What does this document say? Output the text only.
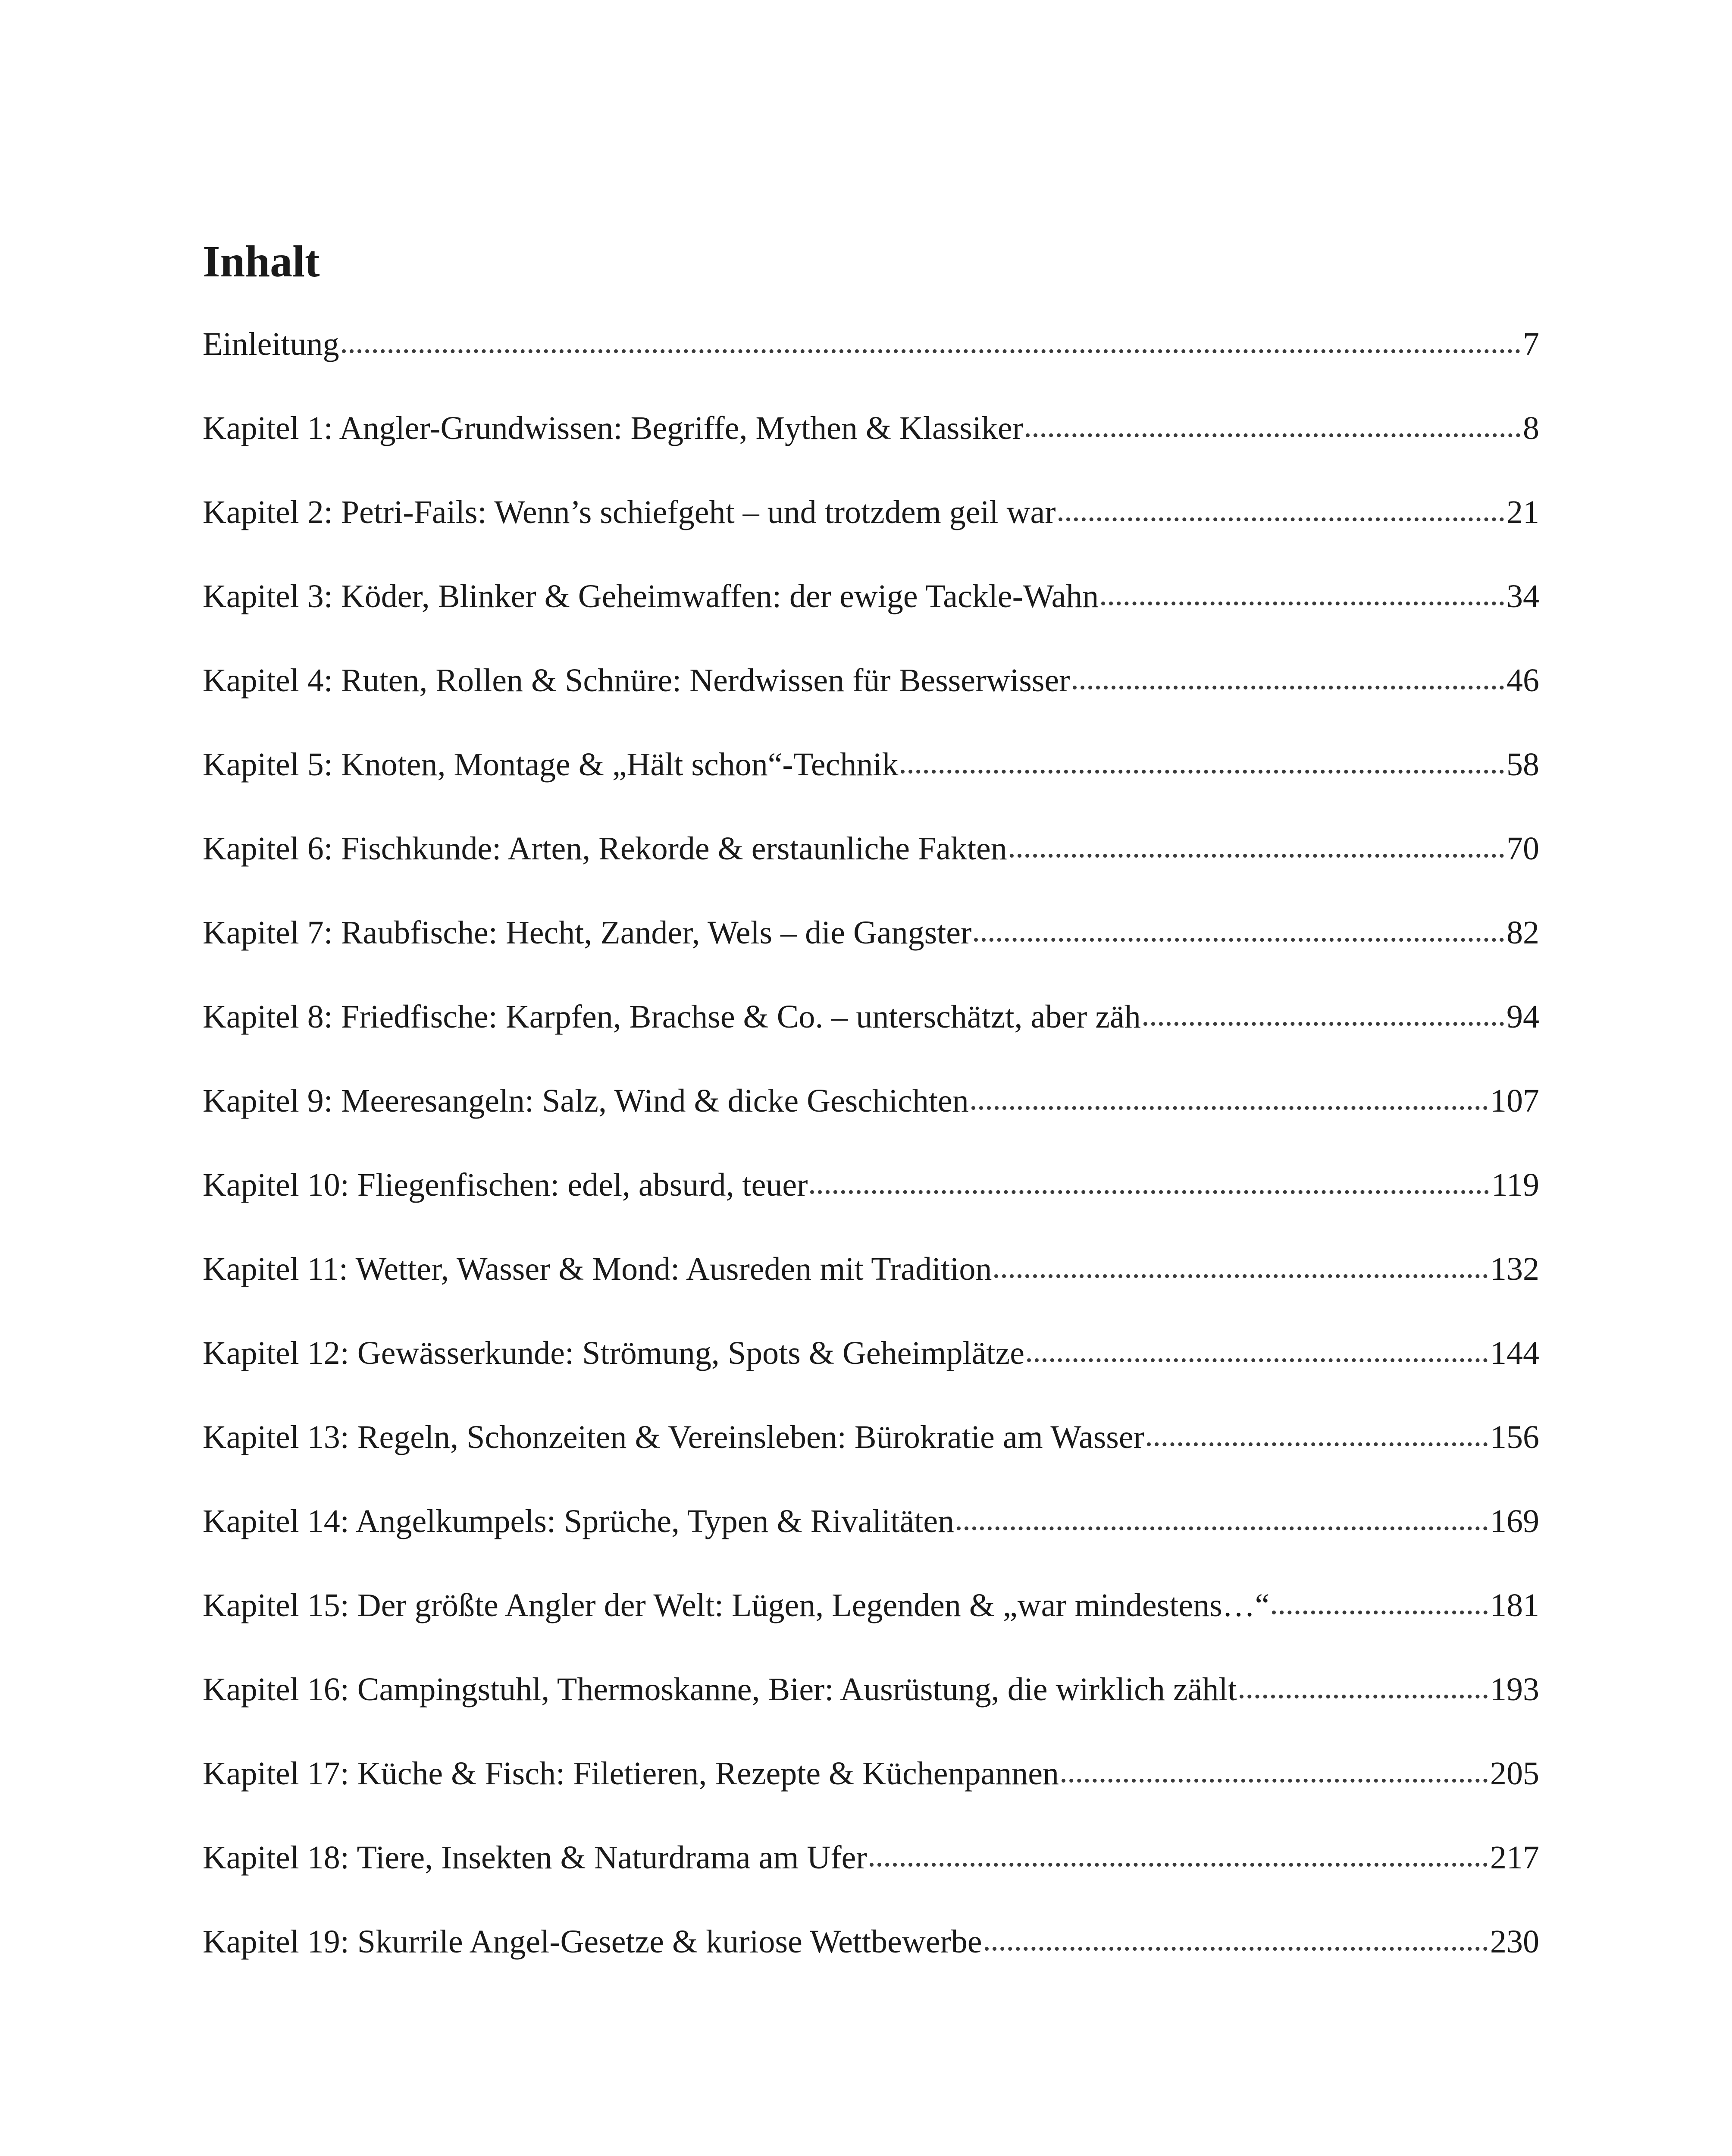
Inhalt
Einleitung	7
Kapitel 1: Angler-Grundwissen: Begriffe, Mythen & Klassiker	8
Kapitel 2: Petri-Fails: Wenn’s schiefgeht – und trotzdem geil war	21
Kapitel 3: Köder, Blinker & Geheimwaffen: der ewige Tackle-Wahn	34
Kapitel 4: Ruten, Rollen & Schnüre: Nerdwissen für Besserwisser	46
Kapitel 5: Knoten, Montage & „Hält schon“-Technik	58
Kapitel 6: Fischkunde: Arten, Rekorde & erstaunliche Fakten	70
Kapitel 7: Raubfische: Hecht, Zander, Wels – die Gangster	82
Kapitel 8: Friedfische: Karpfen, Brachse & Co. – unterschätzt, aber zäh	94
Kapitel 9: Meeresangeln: Salz, Wind & dicke Geschichten	107
Kapitel 10: Fliegenfischen: edel, absurd, teuer	119
Kapitel 11: Wetter, Wasser & Mond: Ausreden mit Tradition	132
Kapitel 12: Gewässerkunde: Strömung, Spots & Geheimplätze	144
Kapitel 13: Regeln, Schonzeiten & Vereinsleben: Bürokratie am Wasser	156
Kapitel 14: Angelkumpels: Sprüche, Typen & Rivalitäten	169
Kapitel 15: Der größte Angler der Welt: Lügen, Legenden & „war mindestens…“	181
Kapitel 16: Campingstuhl, Thermoskanne, Bier: Ausrüstung, die wirklich zählt	193
Kapitel 17: Küche & Fisch: Filetieren, Rezepte & Küchenpannen	205
Kapitel 18: Tiere, Insekten & Naturdrama am Ufer	217
Kapitel 19: Skurrile Angel-Gesetze & kuriose Wettbewerbe	230
